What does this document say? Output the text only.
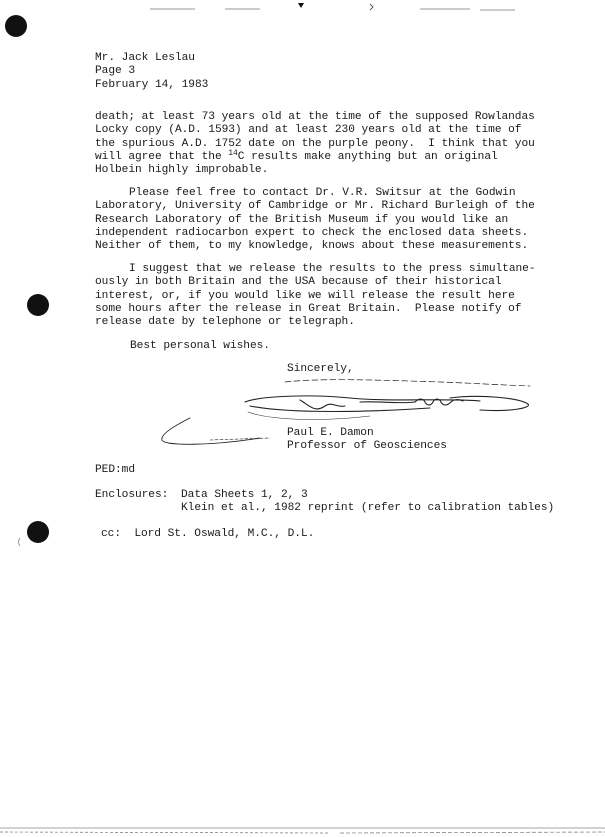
Mr. Jack Leslau
Page 3
February 14, 1983
death; at least 73 years old at the time of the supposed Rowlandas
Locky copy (A.D. 1593) and at least 230 years old at the time of
the spurious A.D. 1752 date on the purple peony.  I think that you
will agree that the $^{14}$C results make anything but an original
Holbein highly improbable.
Please feel free to contact Dr. V.R. Switsur at the Godwin
Laboratory, University of Cambridge or Mr. Richard Burleigh of the
Research Laboratory of the British Museum if you would like an
independent radiocarbon expert to check the enclosed data sheets.
Neither of them, to my knowledge, knows about these measurements.
I suggest that we release the results to the press simultane-
ously in both Britain and the USA because of their historical
interest, or, if you would like we will release the result here
some hours after the release in Great Britain.  Please notify of
release date by telephone or telegraph.
Best personal wishes.
Sincerely,
Paul E. Damon
Professor of Geosciences
PED:md
Enclosures: Data Sheets 1, 2, 3
Klein et al., 1982 reprint (refer to calibration tables)
cc:  Lord St. Oswald, M.C., D.L.
